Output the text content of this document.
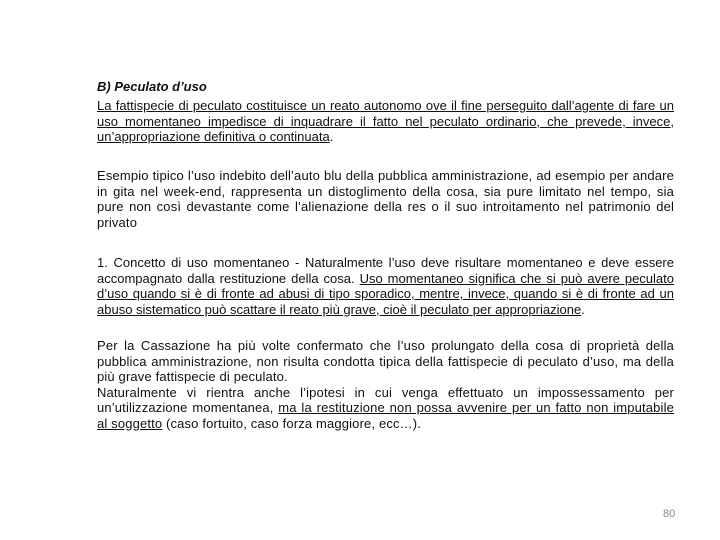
B) Peculato d’uso
La fattispecie di peculato costituisce un reato autonomo ove il fine perseguito dall’agente di fare un uso momentaneo impedisce di inquadrare il fatto nel peculato ordinario, che prevede, invece, un’appropriazione definitiva o continuata.
Esempio tipico l’uso indebito dell’auto blu della pubblica amministrazione, ad esempio per andare in gita nel week-end, rappresenta un distoglimento della cosa, sia pure limitato nel tempo, sia pure non così devastante come l’alienazione della res o il suo introitamento nel patrimonio del privato
1. Concetto di uso momentaneo - Naturalmente l’uso deve risultare momentaneo e deve essere accompagnato dalla restituzione della cosa. Uso momentaneo significa che si può avere peculato d’uso quando si è di fronte ad abusi di tipo sporadico, mentre, invece, quando si è di fronte ad un abuso sistematico può scattare il reato più grave, cioè il peculato per appropriazione.
Per la Cassazione ha più volte confermato che l’uso prolungato della cosa di proprietà della pubblica amministrazione, non risulta condotta tipica della fattispecie di peculato d’uso, ma della più grave fattispecie di peculato.
Naturalmente vi rientra anche l’ipotesi in cui venga effettuato un impossessamento per un’utilizzazione momentanea, ma la restituzione non possa avvenire per un fatto non imputabile al soggetto (caso fortuito, caso forza maggiore, ecc…).
80
